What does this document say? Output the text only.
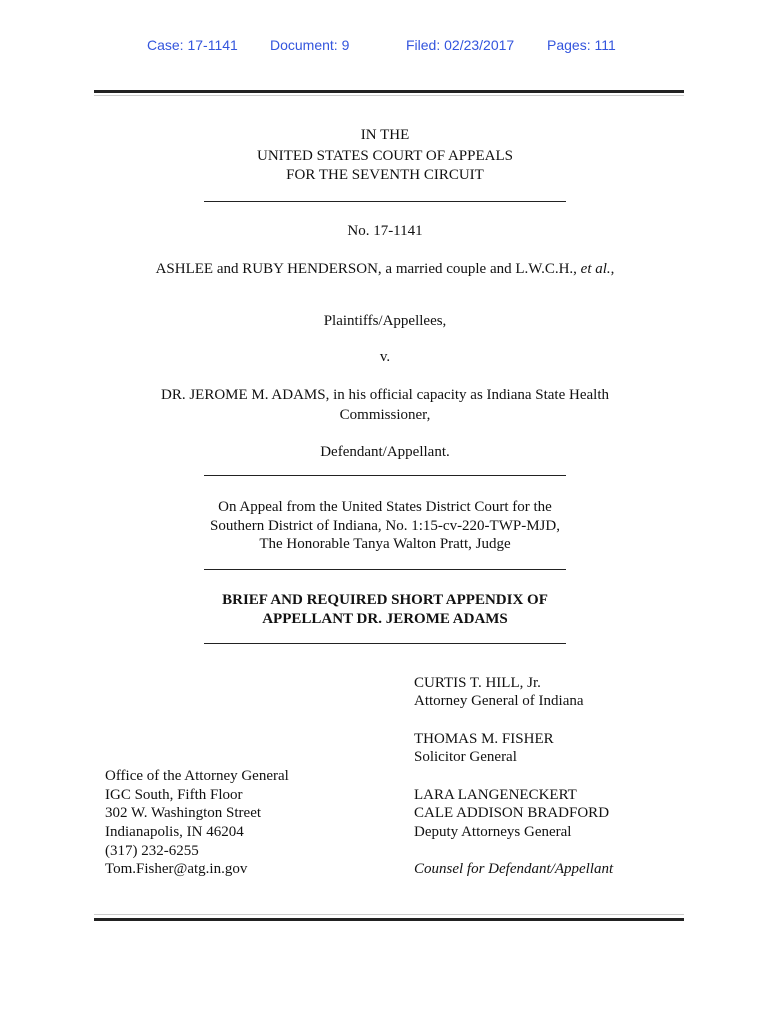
Case: 17-1141 Document: 9	Filed: 02/23/2017 Pages: 111
IN THE
UNITED STATES COURT OF APPEALS
FOR THE SEVENTH CIRCUIT
No. 17-1141
ASHLEE and RUBY HENDERSON, a married couple and L.W.C.H., et al.,
Plaintiffs/Appellees,
v.
DR. JEROME M. ADAMS, in his official capacity as Indiana State Health
Commissioner,
Defendant/Appellant.
On Appeal from the United States District Court for the
Southern District of Indiana, No. 1:15-cv-220-TWP-MJD,
The Honorable Tanya Walton Pratt, Judge
BRIEF AND REQUIRED SHORT APPENDIX OF
APPELLANT DR. JEROME ADAMS
CURTIS T. HILL, Jr.
Attorney General of Indiana
THOMAS M. FISHER
Solicitor General
LARA LANGENECKERT
CALE ADDISON BRADFORD
Deputy Attorneys General
Counsel for Defendant/Appellant
Office of the Attorney General
IGC South, Fifth Floor
302 W. Washington Street
Indianapolis, IN 46204
(317) 232-6255
Tom.Fisher@atg.in.gov
